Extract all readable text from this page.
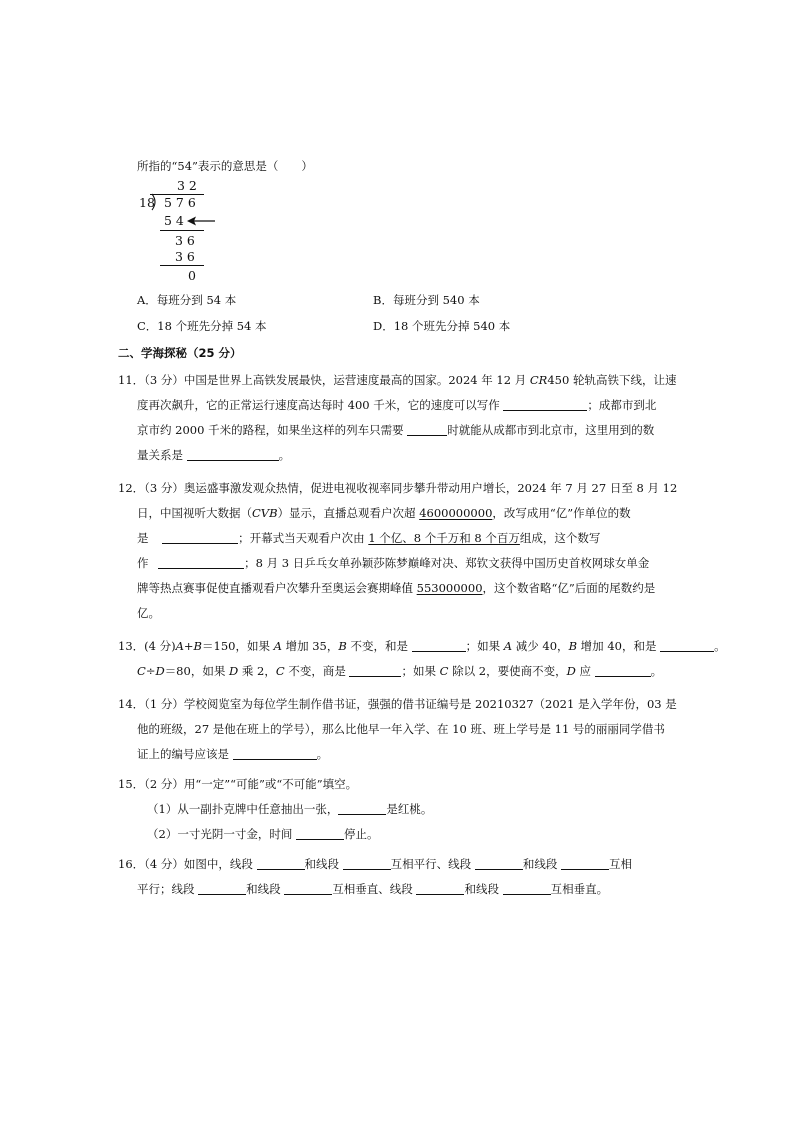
所指的“54”表示的意思是（　　）
3 2
18 5 7 6
5 4
3 6
3 6
0
A．每班分到 54 本	B．每班分到 540 本
C．18 个班先分掉 54 本	D．18 个班先分掉 540 本
二、学海探秘（25 分）
11．（3 分）中国是世界上高铁发展最快，运营速度最高的国家。2024 年 12 月 CR450 轮轨高铁下线，让速
度再次飙升，它的正常运行速度高达每时 400 千米，它的速度可以写作	；成都市到北
京市约 2000 千米的路程，如果坐这样的列车只需要	时就能从成都市到北京市，这里用到的数
量关系是	。
12．（3 分）奥运盛事激发观众热情，促进电视收视率同步攀升带动用户增长，2024 年 7 月 27 日至 8 月 12
日，中国视听大数据（CVB）显示，直播总观看户次超 4600000000，改写成用“亿”作单位的数
是	；开幕式当天观看户次由 1 个亿、8 个千万和 8 个百万组成，这个数写
作	；8 月 3 日乒乓女单孙颖莎陈梦巅峰对决、郑钦文获得中国历史首枚网球女单金
牌等热点赛事促使直播观看户次攀升至奥运会赛期峰值 553000000，这个数省略“亿”后面的尾数约是
亿。
13．(4 分)A+B＝150，如果 A 增加 35，B 不变，和是	；如果 A 减少 40，B 增加 40，和是	。
C÷D＝80，如果 D 乘 2，C 不变，商是	；如果 C 除以 2，要使商不变，D 应	。
14．（1 分）学校阅览室为每位学生制作借书证，强强的借书证编号是 20210327（2021 是入学年份，03 是
他的班级，27 是他在班上的学号），那么比他早一年入学、在 10 班、班上学号是 11 号的丽丽同学借书
证上的编号应该是	。
15．（2 分）用“一定”“可能”或“不可能”填空。
（1）从一副扑克牌中任意抽出一张，	是红桃。
（2）一寸光阴一寸金，时间	停止。
16．（4 分）如图中，线段	和线段	互相平行、线段	和线段	互相
平行；线段	和线段	互相垂直、线段	和线段	互相垂直。
